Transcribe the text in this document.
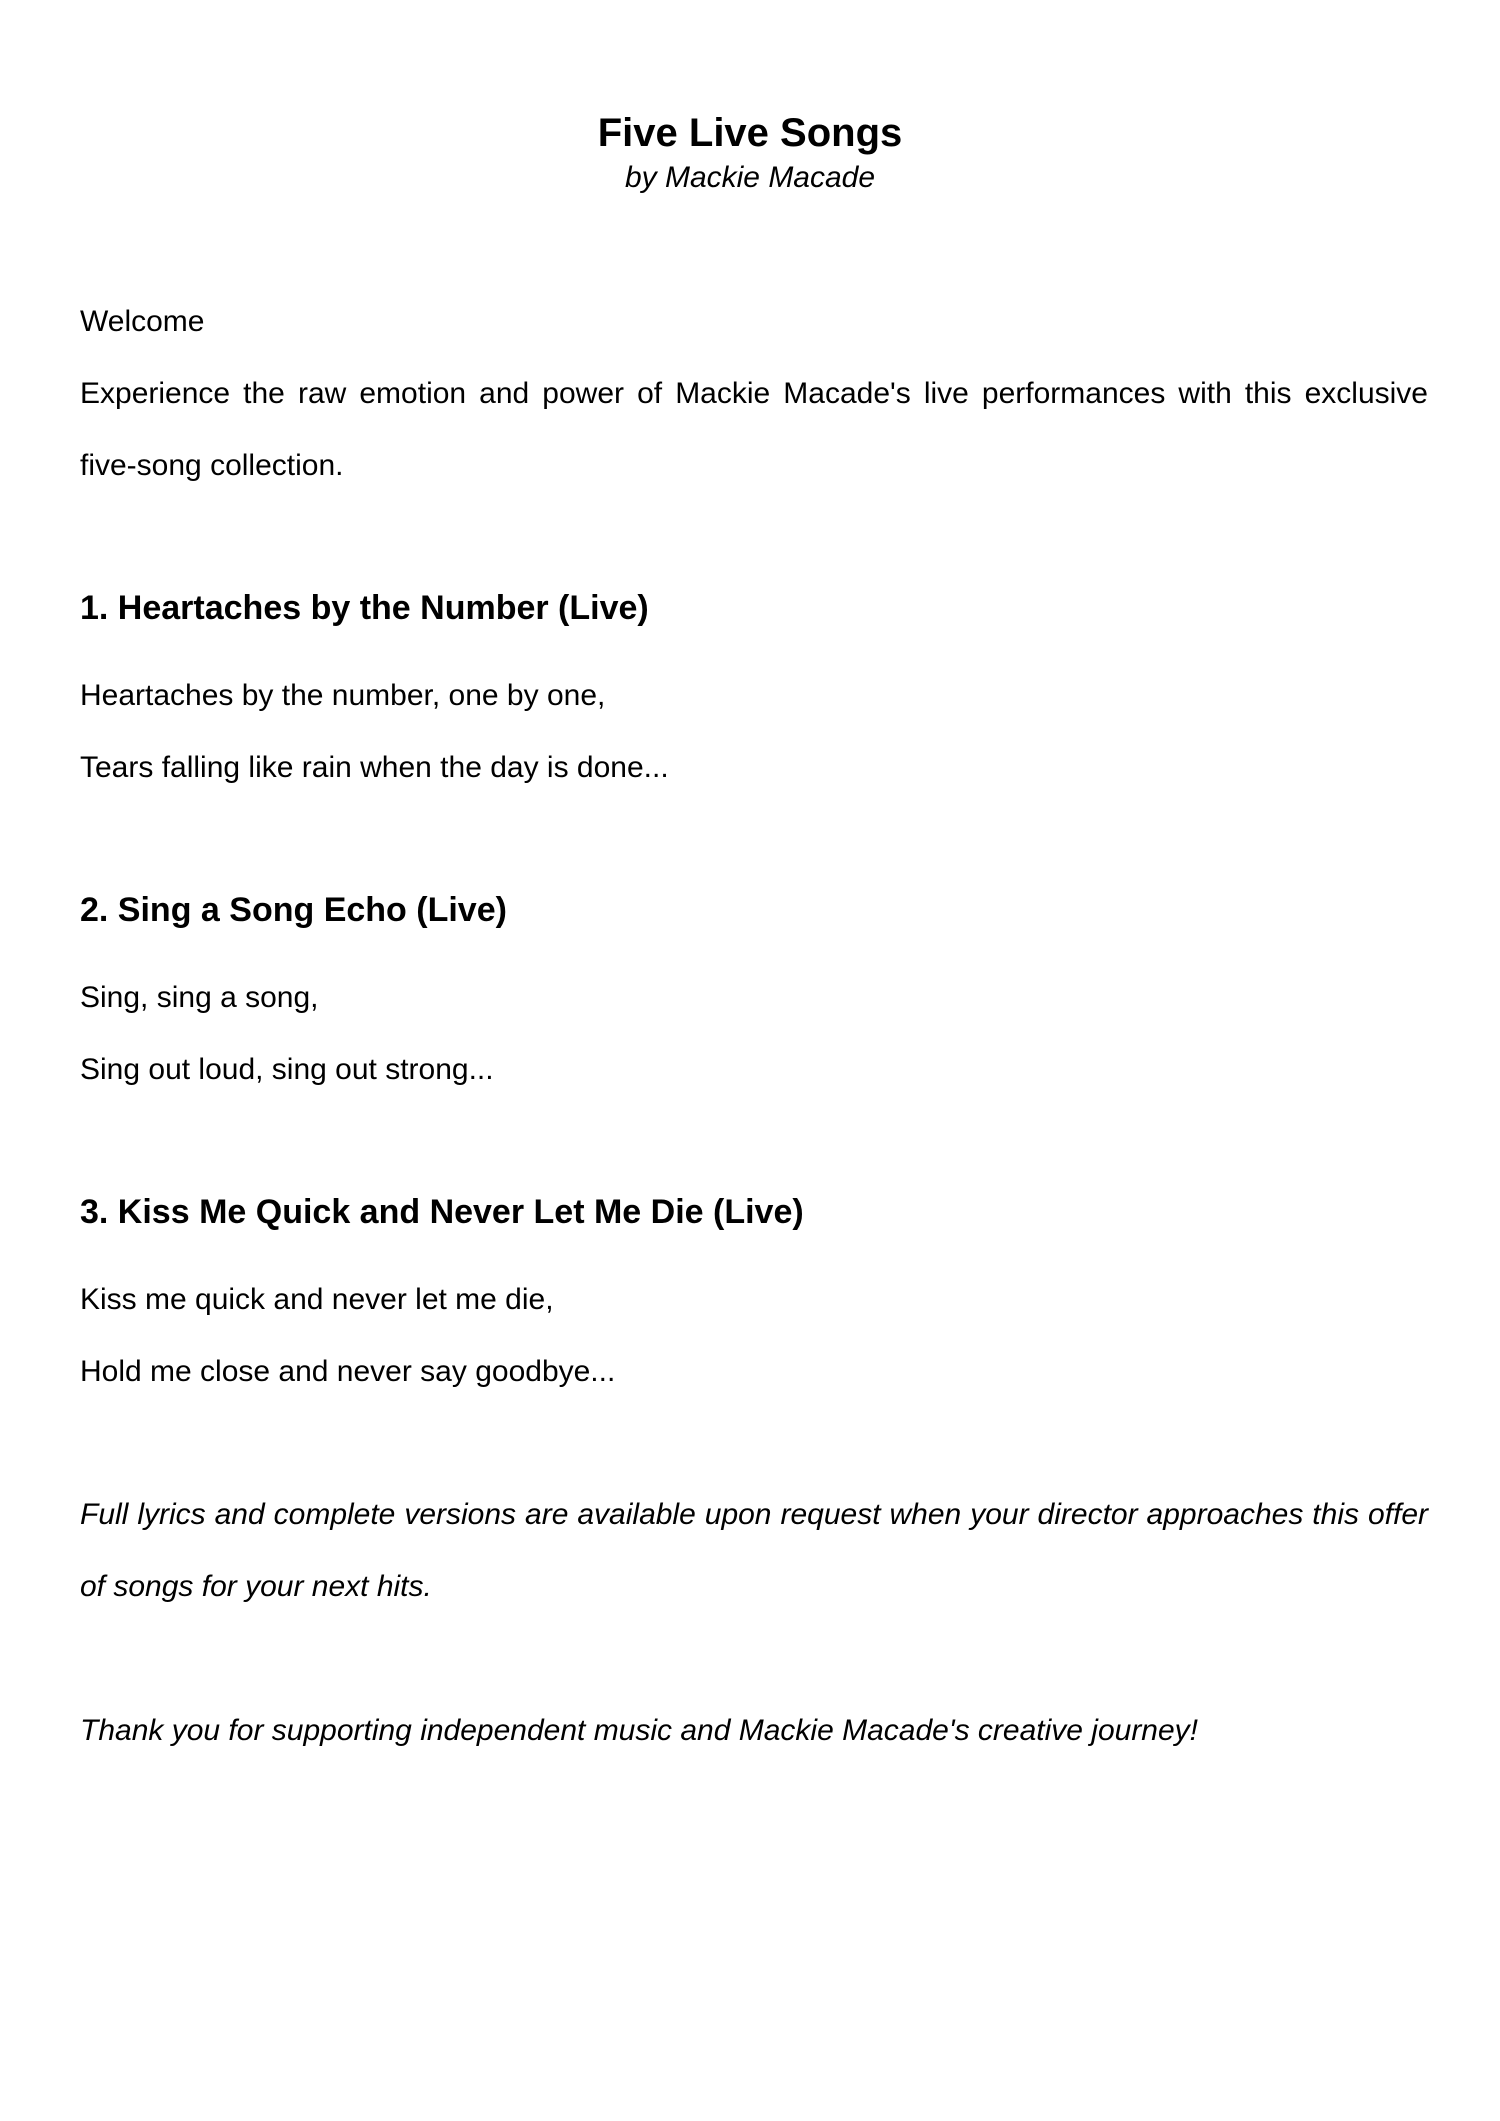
Five Live Songs
by Mackie Macade

Welcome

Experience the raw emotion and power of Mackie Macade's live performances with this exclusive five-song collection.

1. Heartaches by the Number (Live)

Heartaches by the number, one by one,

Tears falling like rain when the day is done...

2. Sing a Song Echo (Live)

Sing, sing a song,

Sing out loud, sing out strong...

3. Kiss Me Quick and Never Let Me Die (Live)

Kiss me quick and never let me die,

Hold me close and never say goodbye...

Full lyrics and complete versions are available upon request when your director approaches this offer of songs for your next hits.

Thank you for supporting independent music and Mackie Macade's creative journey!
